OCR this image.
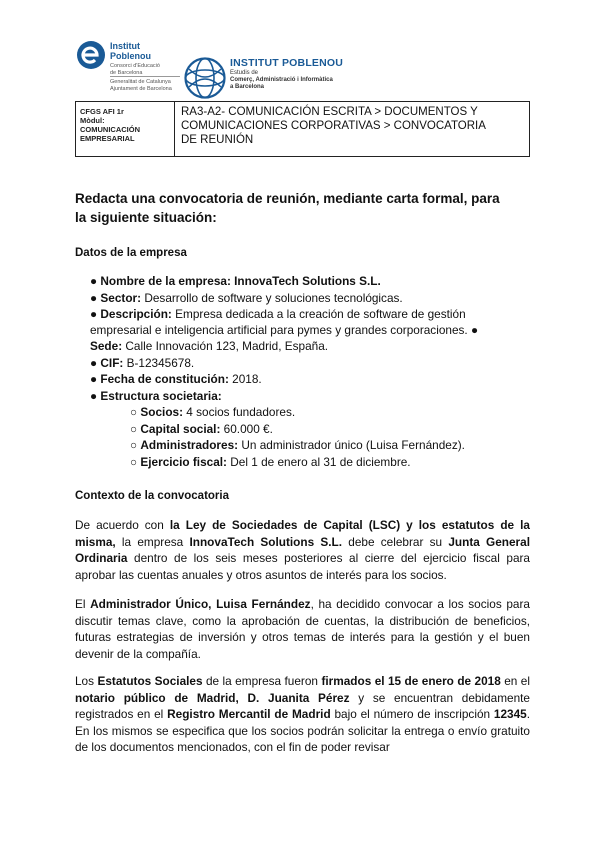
Institut
Poblenou
Consorci d'Educació
de Barcelona
Generalitat de Catalunya
Ajuntament de Barcelona
INSTITUT POBLENOU
Estudis de
Comerç, Administració i Informàtica
a Barcelona
CFGS AFI 1r
Mòdul:
COMUNICACIÓN
EMPRESARIAL
RA3-A2- COMUNICACIÓN ESCRITA > DOCUMENTOS Y
COMUNICACIONES CORPORATIVAS > CONVOCATORIA
DE REUNIÓN
Redacta una convocatoria de reunión, mediante carta formal, para
la siguiente situación:
Datos de la empresa
● Nombre de la empresa: InnovaTech Solutions S.L.
● Sector: Desarrollo de software y soluciones tecnológicas.
● Descripción: Empresa dedicada a la creación de software de gestión
empresarial e inteligencia artificial para pymes y grandes corporaciones. ●
Sede: Calle Innovación 123, Madrid, España.
● CIF: B-12345678.
● Fecha de constitución: 2018.
● Estructura societaria:
○ Socios: 4 socios fundadores.
○ Capital social: 60.000 €.
○ Administradores: Un administrador único (Luisa Fernández).
○ Ejercicio fiscal: Del 1 de enero al 31 de diciembre.
Contexto de la convocatoria
De acuerdo con la Ley de Sociedades de Capital (LSC) y los estatutos de la misma, la empresa InnovaTech Solutions S.L. debe celebrar su Junta General Ordinaria dentro de los seis meses posteriores al cierre del ejercicio fiscal para aprobar las cuentas anuales y otros asuntos de interés para los socios.
El Administrador Único, Luisa Fernández, ha decidido convocar a los socios para discutir temas clave, como la aprobación de cuentas, la distribución de beneficios, futuras estrategias de inversión y otros temas de interés para la gestión y el buen devenir de la compañía.
Los Estatutos Sociales de la empresa fueron firmados el 15 de enero de 2018 en el notario público de Madrid, D. Juanita Pérez y se encuentran debidamente registrados en el Registro Mercantil de Madrid bajo el número de inscripción 12345. En los mismos se especifica que los socios podrán solicitar la entrega o envío gratuito de los documentos mencionados, con el fin de poder revisar
